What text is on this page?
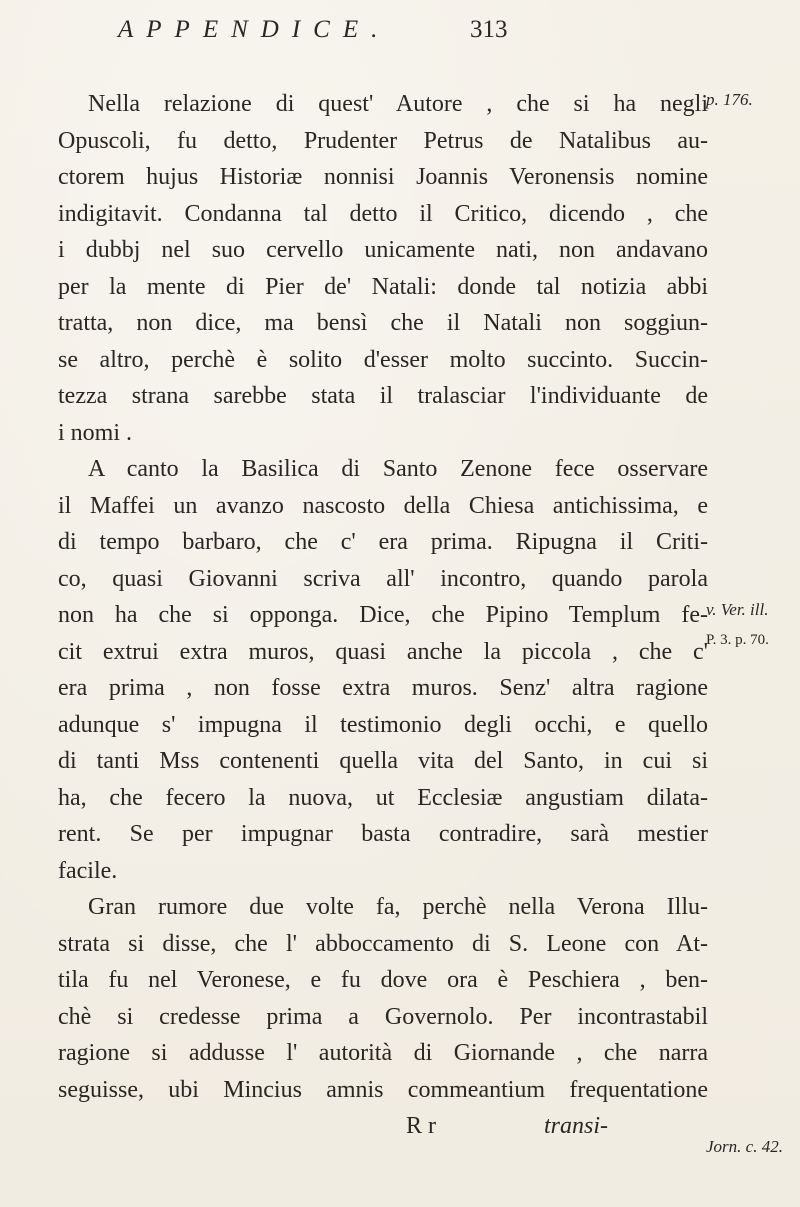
APPENDICE.	313
p. 176.
v. Ver. ill.
P. 3. p. 70.
Jorn. c. 42.
Nella relazione di quest' Autore , che si ha negli
Opuscoli, fu detto, Prudenter Petrus de Natalibus au-
ctorem hujus Historiæ nonnisi Joannis Veronensis nomine
indigitavit. Condanna tal detto il Critico, dicendo , che
i dubbj nel suo cervello unicamente nati, non andavano
per la mente di Pier de' Natali: donde tal notizia abbi
tratta, non dice, ma bensì che il Natali non soggiun-
se altro, perchè è solito d'esser molto succinto. Succin-
tezza strana sarebbe stata il tralasciar l'individuante de
i nomi .
A canto la Basilica di Santo Zenone fece osservare
il Maffei un avanzo nascosto della Chiesa antichissima, e
di tempo barbaro, che c' era prima. Ripugna il Criti-
co, quasi Giovanni scriva all' incontro, quando parola
non ha che si opponga. Dice, che Pipino Templum fe-
cit extrui extra muros, quasi anche la piccola , che c'
era prima , non fosse extra muros. Senz' altra ragione
adunque s' impugna il testimonio degli occhi, e quello
di tanti Mss contenenti quella vita del Santo, in cui si
ha, che fecero la nuova, ut Ecclesiæ angustiam dilata-
rent. Se per impugnar basta contradire, sarà mestier
facile.
Gran rumore due volte fa, perchè nella Verona Illu-
strata si disse, che l' abboccamento di S. Leone con At-
tila fu nel Veronese, e fu dove ora è Peschiera , ben-
chè si credesse prima a Governolo. Per incontrastabil
ragione si addusse l' autorità di Giornande , che narra
seguisse, ubi Mincius amnis commeantium frequentatione
R r	transi-
